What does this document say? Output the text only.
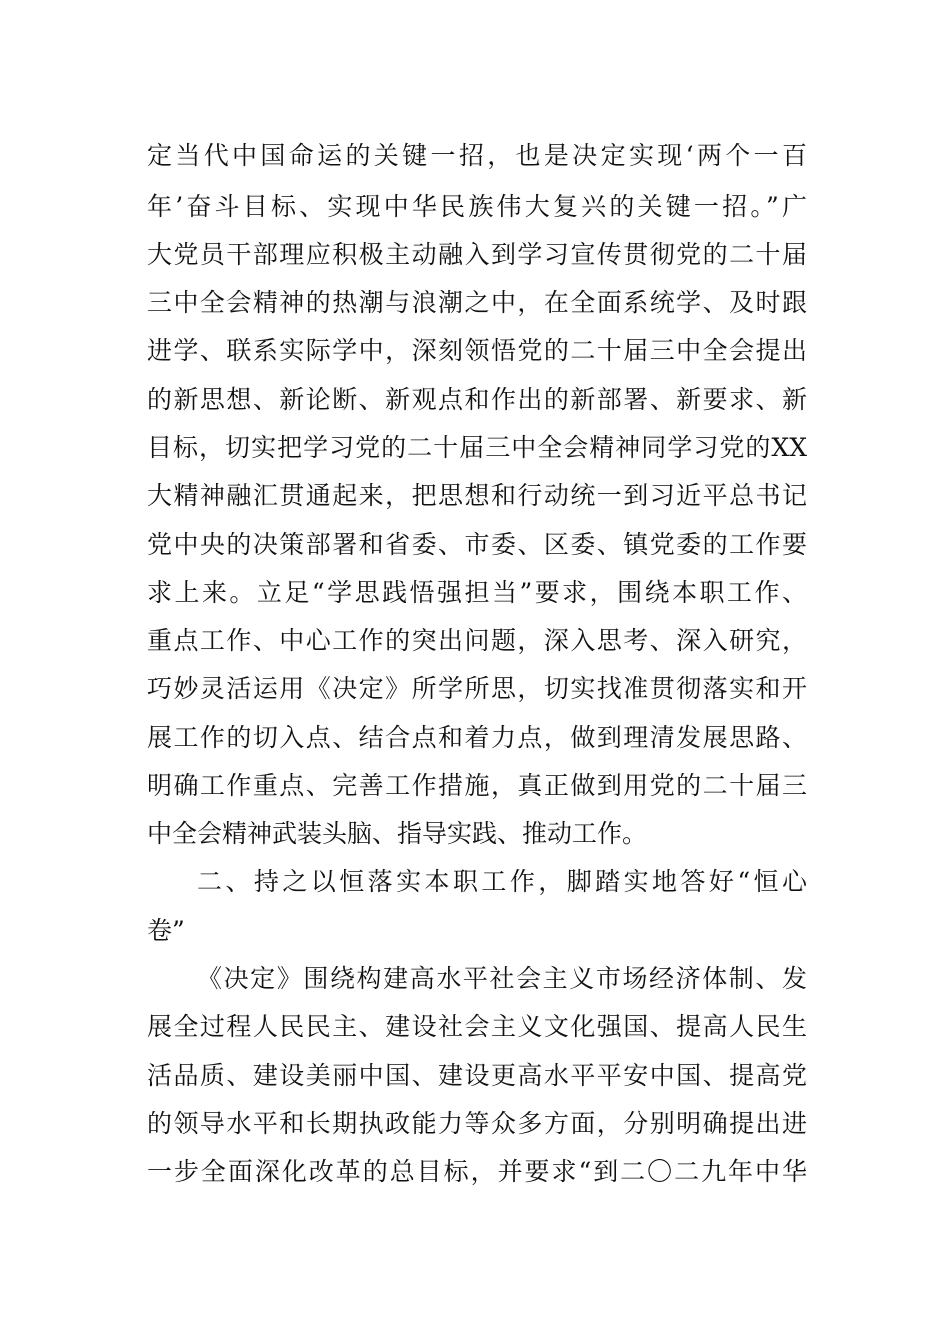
定当代中国命运的关键一招，也是决定实现‘两个一百

年’奋斗目标、实现中华民族伟大复兴的关键一招。”广

大党员干部理应积极主动融入到学习宣传贯彻党的二十届

三中全会精神的热潮与浪潮之中，在全面系统学、及时跟

进学、联系实际学中，深刻领悟党的二十届三中全会提出

的新思想、新论断、新观点和作出的新部署、新要求、新

目标，切实把学习党的二十届三中全会精神同学习党的XX

大精神融汇贯通起来，把思想和行动统一到习近平总书记

党中央的决策部署和省委、市委、区委、镇党委的工作要

求上来。立足“学思践悟强担当”要求，围绕本职工作、

重点工作、中心工作的突出问题，深入思考、深入研究，

巧妙灵活运用《决定》所学所思，切实找准贯彻落实和开

展工作的切入点、结合点和着力点，做到理清发展思路、

明确工作重点、完善工作措施，真正做到用党的二十届三

中全会精神武装头脑、指导实践、推动工作。

二、持之以恒落实本职工作，脚踏实地答好“恒心

卷”

《决定》围绕构建高水平社会主义市场经济体制、发

展全过程人民民主、建设社会主义文化强国、提高人民生

活品质、建设美丽中国、建设更高水平平安中国、提高党

的领导水平和长期执政能力等众多方面，分别明确提出进

一步全面深化改革的总目标，并要求“到二〇二九年中华
